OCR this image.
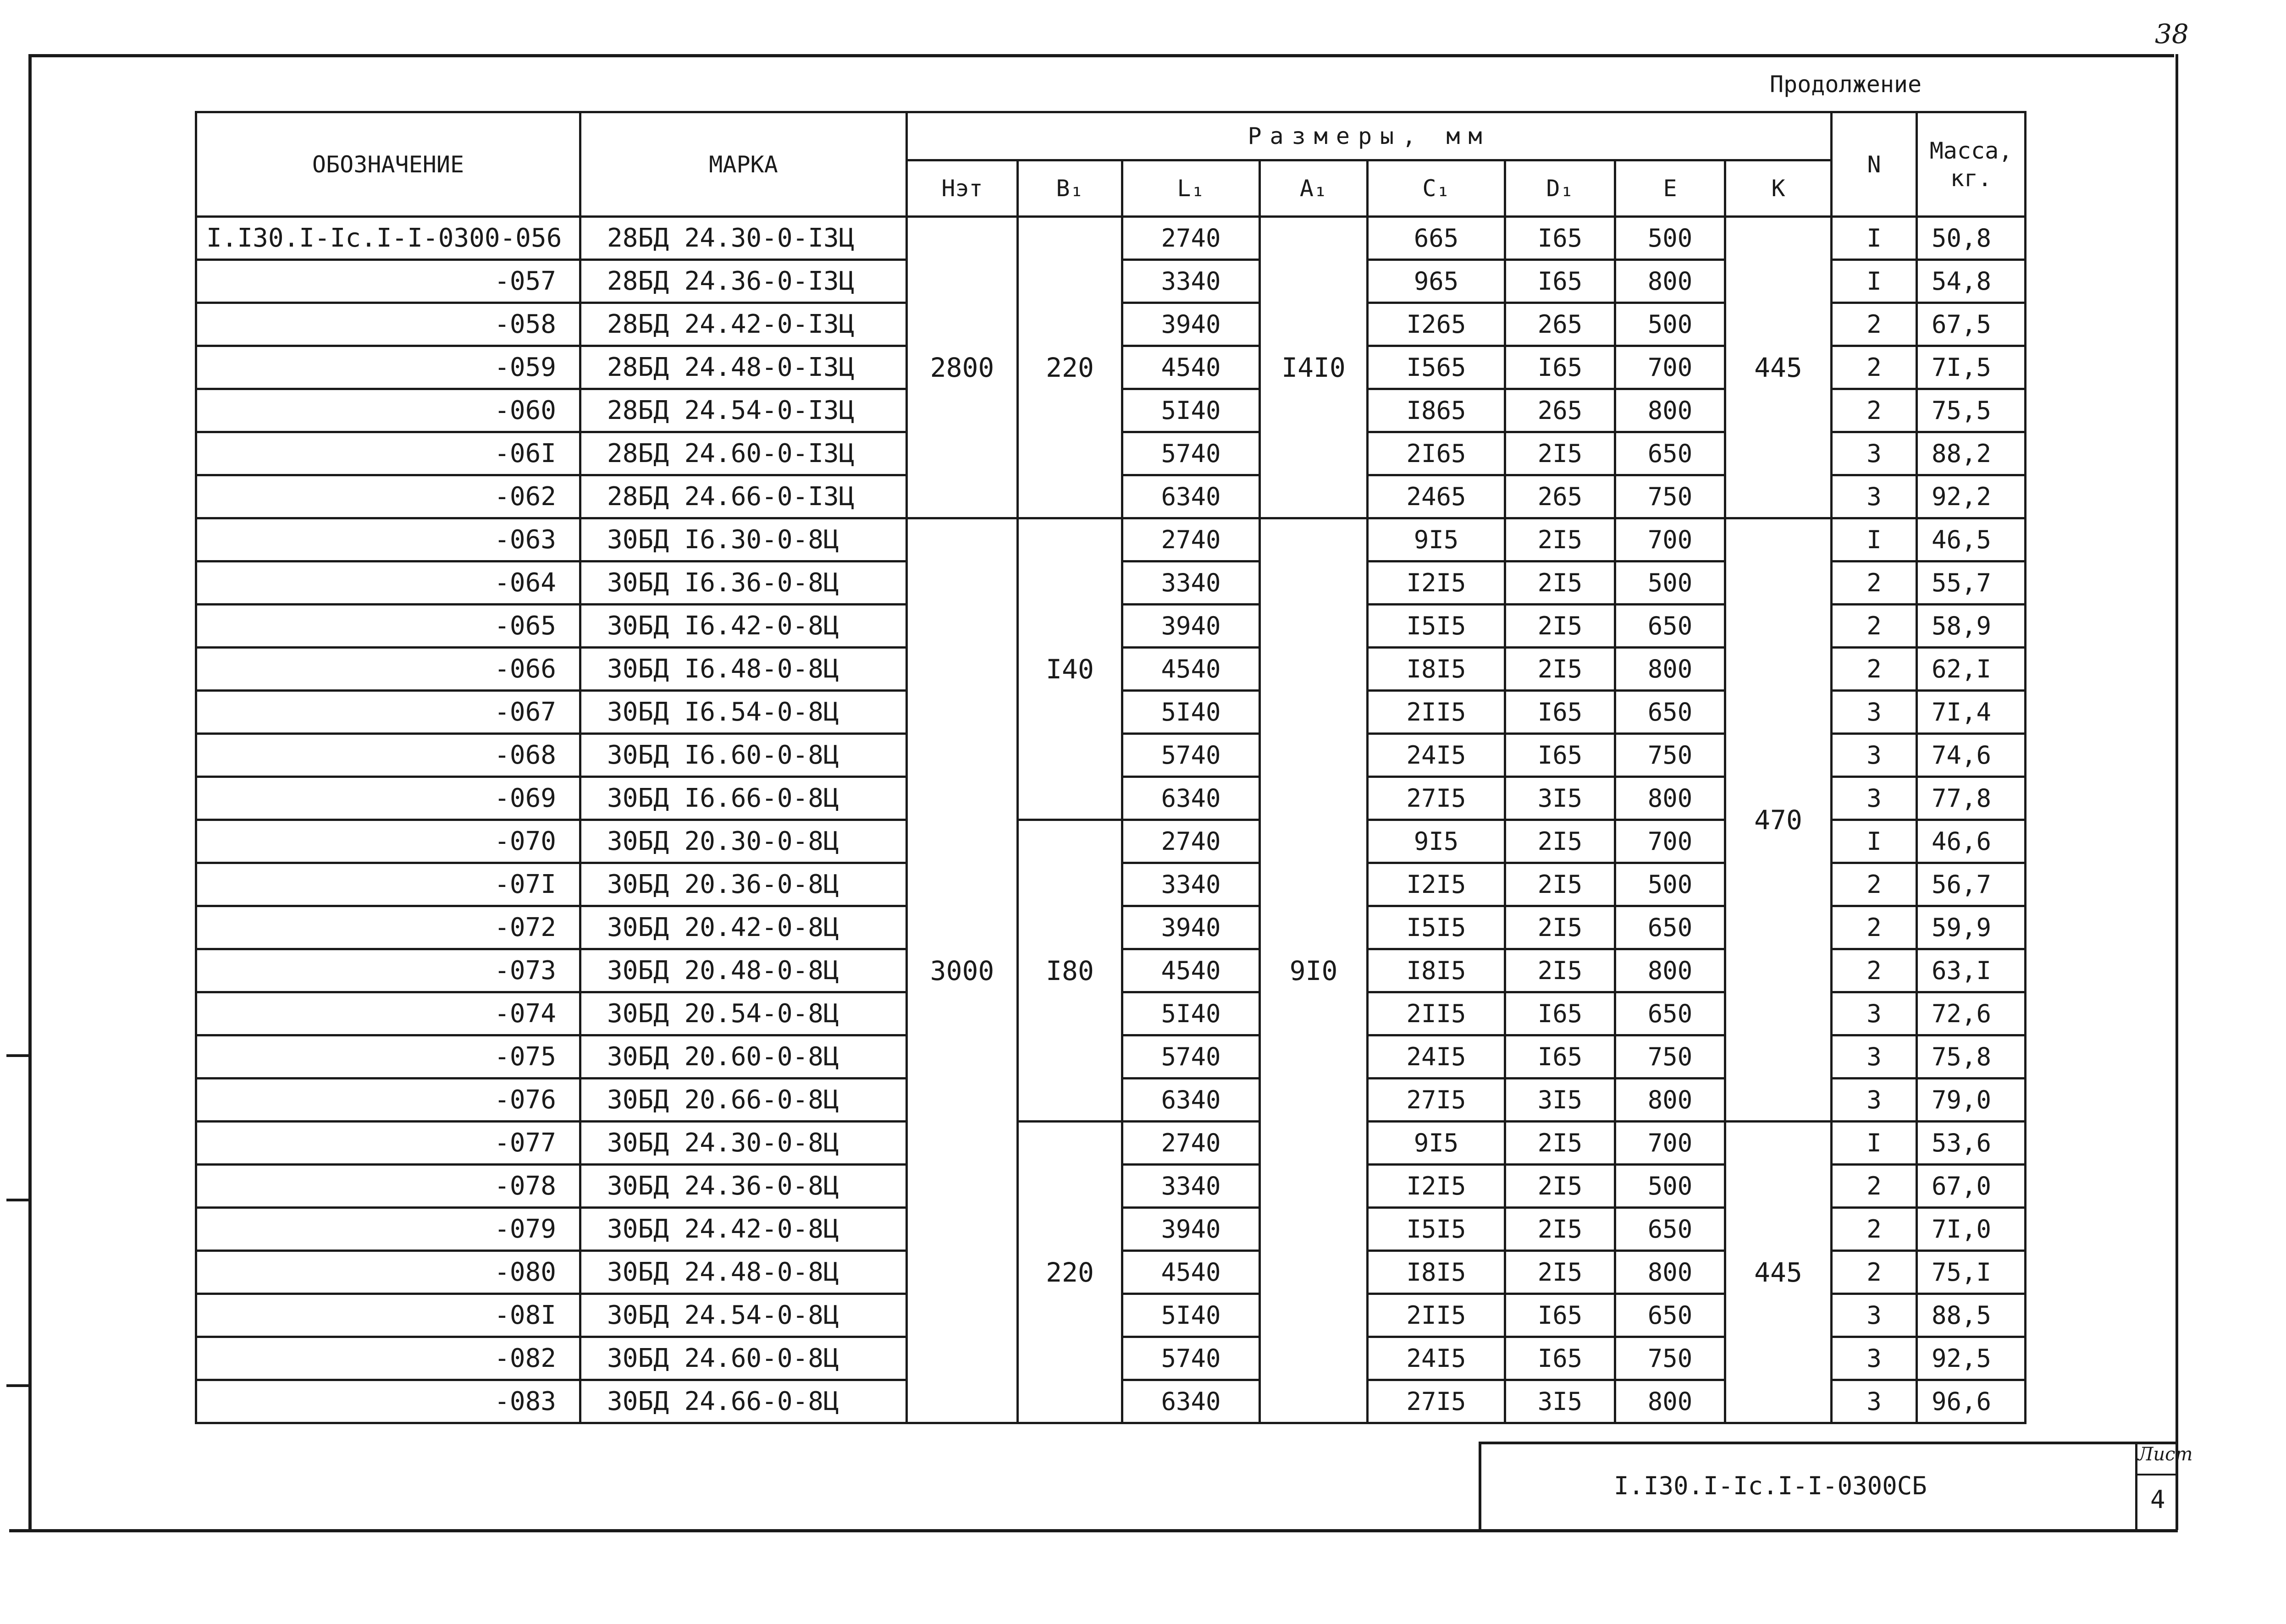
38
Продолжение
ОБОЗНАЧЕНИЕ	МАРКА	Размеры, мм								N	Масса, кг.
		Нэт	B₁	L₁	A₁	C₁	D₁	E	K		
I.I30.I-Ic.I-I-0300-056	28БД 24.30-0-I3Ц	2800	220	2740	I4I0	665	I65	500	445	I	50,8
-057	28БД 24.36-0-I3Ц			3340		965	I65	800		I	54,8
-058	28БД 24.42-0-I3Ц			3940		I265	265	500		2	67,5
-059	28БД 24.48-0-I3Ц			4540		I565	I65	700		2	7I,5
-060	28БД 24.54-0-I3Ц			5I40		I865	265	800		2	75,5
-06I	28БД 24.60-0-I3Ц			5740		2I65	2I5	650		3	88,2
-062	28БД 24.66-0-I3Ц			6340		2465	265	750		3	92,2
-063	30БД I6.30-0-8Ц	3000	I40	2740	9I0	9I5	2I5	700	470	I	46,5
-064	30БД I6.36-0-8Ц			3340		I2I5	2I5	500		2	55,7
-065	30БД I6.42-0-8Ц			3940		I5I5	2I5	650		2	58,9
-066	30БД I6.48-0-8Ц			4540		I8I5	2I5	800		2	62,I
-067	30БД I6.54-0-8Ц			5I40		2II5	I65	650		3	7I,4
-068	30БД I6.60-0-8Ц			5740		24I5	I65	750		3	74,6
-069	30БД I6.66-0-8Ц			6340		27I5	3I5	800		3	77,8
-070	30БД 20.30-0-8Ц		I80	2740		9I5	2I5	700		I	46,6
-07I	30БД 20.36-0-8Ц			3340		I2I5	2I5	500		2	56,7
-072	30БД 20.42-0-8Ц			3940		I5I5	2I5	650		2	59,9
-073	30БД 20.48-0-8Ц			4540		I8I5	2I5	800		2	63,I
-074	30БД 20.54-0-8Ц			5I40		2II5	I65	650		3	72,6
-075	30БД 20.60-0-8Ц			5740		24I5	I65	750		3	75,8
-076	30БД 20.66-0-8Ц			6340		27I5	3I5	800		3	79,0
-077	30БД 24.30-0-8Ц		220	2740		9I5	2I5	700	445	I	53,6
-078	30БД 24.36-0-8Ц			3340		I2I5	2I5	500		2	67,0
-079	30БД 24.42-0-8Ц			3940		I5I5	2I5	650		2	7I,0
-080	30БД 24.48-0-8Ц			4540		I8I5	2I5	800		2	75,I
-08I	30БД 24.54-0-8Ц			5I40		2II5	I65	650		3	88,5
-082	30БД 24.60-0-8Ц			5740		24I5	I65	750		3	92,5
-083	30БД 24.66-0-8Ц			6340		27I5	3I5	800		3	96,6
I.I30.I-Ic.I-I-0300СБ
Лист
4
